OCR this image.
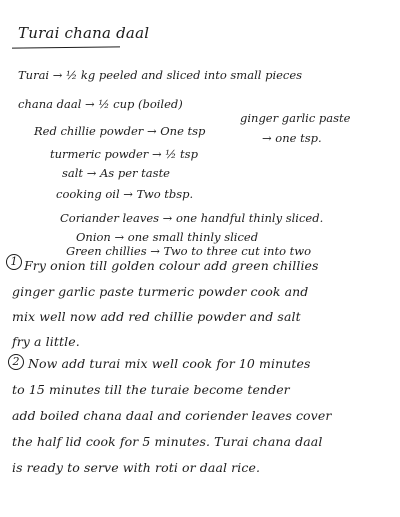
Turai chana daal
Turai → ½ kg peeled and sliced into small pieces
chana daal → ½ cup (boiled)
Red chillie powder → One tsp
turmeric powder → ½ tsp
salt → As per taste
cooking oil → Two tbsp.
Coriander leaves → one handful thinly sliced.
Onion → one small thinly sliced
Green chillies → Two to three cut into two
ginger garlic paste
→ one tsp.
1 Fry onion till golden colour add green chillies
ginger garlic paste turmeric powder cook and
mix well now add red chillie powder and salt
fry a little.
2 Now add turai mix well cook for 10 minutes
to 15 minutes till the turaie become tender
add boiled chana daal and coriender leaves cover
the half lid cook for 5 minutes. Turai chana daal
is ready to serve with roti or daal rice.
